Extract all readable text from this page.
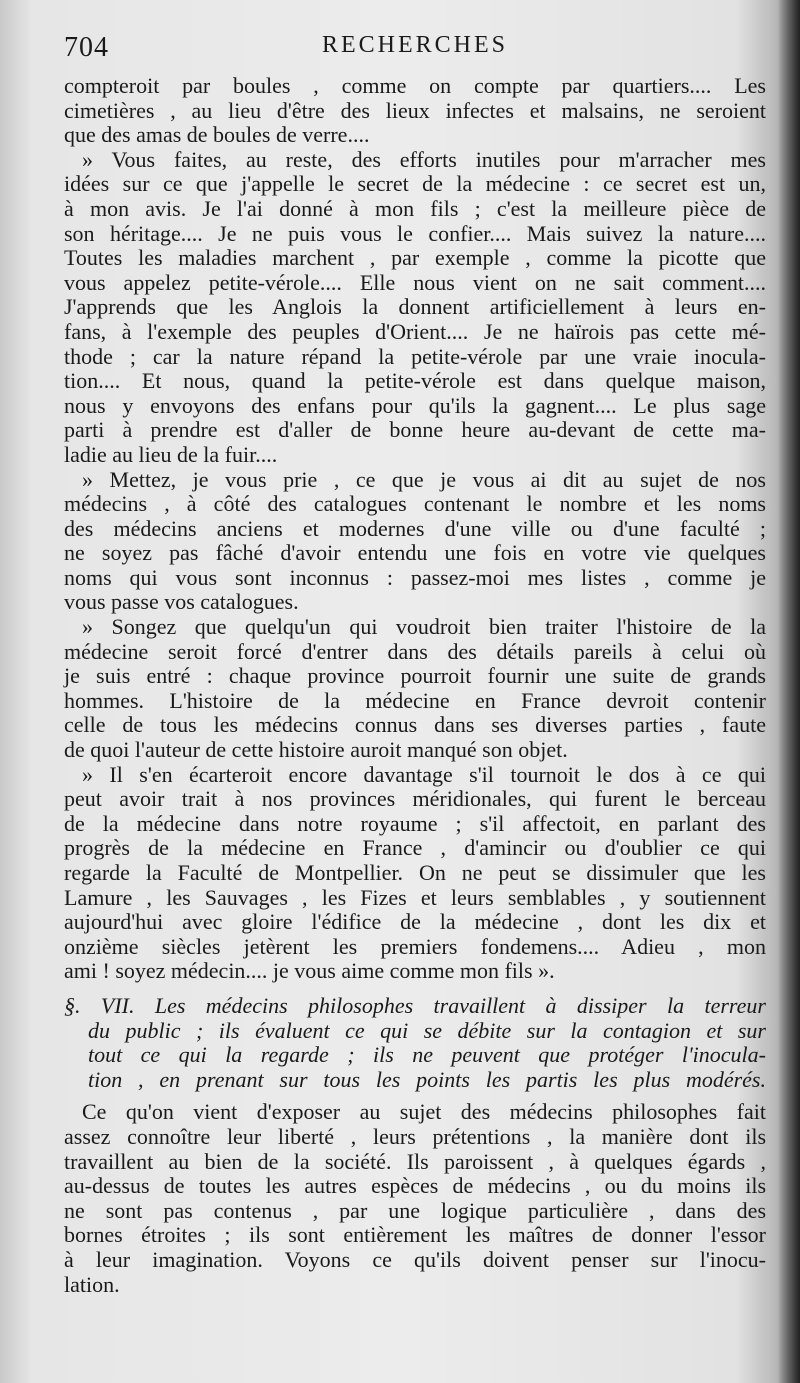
704	RECHERCHES
compteroit par boules , comme on compte par quartiers.... Les
cimetières , au lieu d'être des lieux infectes et malsains, ne seroient
que des amas de boules de verre....
» Vous faites, au reste, des efforts inutiles pour m'arracher mes
idées sur ce que j'appelle le secret de la médecine : ce secret est un,
à mon avis. Je l'ai donné à mon fils ; c'est la meilleure pièce de
son héritage.... Je ne puis vous le confier.... Mais suivez la nature....
Toutes les maladies marchent , par exemple , comme la picotte que
vous appelez petite-vérole.... Elle nous vient on ne sait comment....
J'apprends que les Anglois la donnent artificiellement à leurs en-
fans, à l'exemple des peuples d'Orient.... Je ne haïrois pas cette mé-
thode ; car la nature répand la petite-vérole par une vraie inocula-
tion.... Et nous, quand la petite-vérole est dans quelque maison,
nous y envoyons des enfans pour qu'ils la gagnent.... Le plus sage
parti à prendre est d'aller de bonne heure au-devant de cette ma-
ladie au lieu de la fuir....
» Mettez, je vous prie , ce que je vous ai dit au sujet de nos
médecins , à côté des catalogues contenant le nombre et les noms
des médecins anciens et modernes d'une ville ou d'une faculté ;
ne soyez pas fâché d'avoir entendu une fois en votre vie quelques
noms qui vous sont inconnus : passez-moi mes listes , comme je
vous passe vos catalogues.
» Songez que quelqu'un qui voudroit bien traiter l'histoire de la
médecine seroit forcé d'entrer dans des détails pareils à celui où
je suis entré : chaque province pourroit fournir une suite de grands
hommes. L'histoire de la médecine en France devroit contenir
celle de tous les médecins connus dans ses diverses parties , faute
de quoi l'auteur de cette histoire auroit manqué son objet.
» Il s'en écarteroit encore davantage s'il tournoit le dos à ce qui
peut avoir trait à nos provinces méridionales, qui furent le berceau
de la médecine dans notre royaume ; s'il affectoit, en parlant des
progrès de la médecine en France , d'amincir ou d'oublier ce qui
regarde la Faculté de Montpellier. On ne peut se dissimuler que les
Lamure , les Sauvages , les Fizes et leurs semblables , y soutiennent
aujourd'hui avec gloire l'édifice de la médecine , dont les dix et
onzième siècles jetèrent les premiers fondemens.... Adieu , mon
ami ! soyez médecin.... je vous aime comme mon fils ».
§. VII. Les médecins philosophes travaillent à dissiper la terreur
du public ; ils évaluent ce qui se débite sur la contagion et sur
tout ce qui la regarde ; ils ne peuvent que protéger l'inocula-
tion , en prenant sur tous les points les partis les plus modérés.
Ce qu'on vient d'exposer au sujet des médecins philosophes fait
assez connoître leur liberté , leurs prétentions , la manière dont ils
travaillent au bien de la société. Ils paroissent , à quelques égards ,
au-dessus de toutes les autres espèces de médecins , ou du moins ils
ne sont pas contenus , par une logique particulière , dans des
bornes étroites ; ils sont entièrement les maîtres de donner l'essor
à leur imagination. Voyons ce qu'ils doivent penser sur l'inocu-
lation.
